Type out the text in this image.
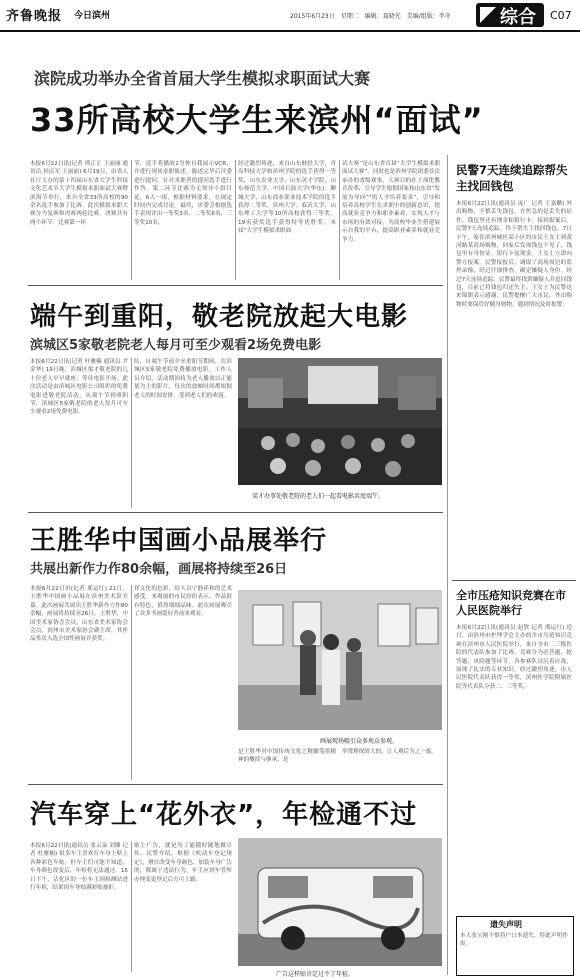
齐鲁晚报 今日滨州	2015年6月23日　星期二　编辑：聂晓光　美编/组版：李冬	综合 C07
滨院成功举办全省首届大学生模拟求职面试大赛
33所高校大学生来滨州“面试”
本报6月22日讯(记者 谭正正 王丽丽 通讯员 侯庆军 王丽丽) 6月19日，由省人社厅主办的第十四届山东省大学生科技文化艺术节大学生模拟求职面试大赛暨滨海节举行，来自全省33所高校的90余名选手参加了比赛。此次模拟求职大赛分为复赛和决赛两轮比赛，决赛共有两个环节：比赛第一环
节，选手将播放1分钟自我展示VCR，并进行现场求职陈述，陈述完毕后评委进行提问，针对求职者的提问选手进行作答。第二环节比赛为无领导小组讨论，6人一组，根据材料要求，在规定时间内完成讨论。最终，评委会根据选手表现评出一等奖3名、二等奖6名，三等奖10名。
经过激烈角逐，来自山东财经大学，青岛科技大学和滨州学院的选手获得一等奖，山东农业大学、山东英才学院、山东师范大学，中国石油大学(华东)、聊城大学、山东商业职业技术学院的选手获得二等奖。滨州大学、临沂大学、山东理工大学等10所高校获得三等奖。19名获奖选手获得特等优胜奖。本届“大学生模拟求职面
试大赛”是山东省首届“大学生模拟求职面试大赛”，同时也是滨州学院团委首次承办的省级赛事，大赛目的在于深化教育改革，引导学生根据国家和山东省“发展为导向”“的人才培养要求”，引导和培养高校学生在求职中的创新意识，提高就业竞争力和职业素养，实现人才与市场的有效对接，为高校毕业生搭建展示自我的平台，提高职业素养和就业竞争力。
民警7天连续追踪帮失主找回钱包
本报6月22日讯(通讯员 庞广 记者 王嘉鹏) 外出购物，不慎丢失钱包，在焦急的是丢失的证件，钱包里还有现金和银行卡。接到报案后，民警7天连续追踪，终于帮失主找回钱包。7日下午，家住滨州城区某小区的市民王女士到黄河路某商场购物，回家后发现钱包不见了，钱包里有身份证、银行卡及现金。王女士立即向警方报案。民警接报后，调取了商场周边的监控录像，经过仔细排查，确定嫌疑人身份。经过7天连续追踪，民警最终找到嫌疑人并追回钱包，目前已将钱包归还失主。王女士为民警送来锦旗表示感谢。民警提醒广大市民，外出购物时要保管好随身财物，遇到情况及时报警。
端午到重阳，敬老院放起大电影
滨城区5家敬老院老人每月可至少观看2场免费电影
本报6月22日讯(记者 杜雅楠 通讯员 尹金华) 19日晚，滨城区梁才敬老院的几十位老人早早就座，等待电影开场。此次活动是由滨城区电影公司组织的免费电影进敬老院活动，从端午节到重阳节，滨城区5家敬老院的老人每月可至少观看2场免费电影。
队，自端午节前夕至重阳节期间，在滨城区5家敬老院免费播放电影。工作人员介绍，活动期间将为老人播放以正能量为主的影片，每次的放映时间都根据老人的时间安排，受到老人们的欢迎。
梁才办事处敬老院的老人们一起看电影共度端午。
王胜华中国画小品展举行
共展出新作力作80余幅，画展将持续至26日
本报6月22日讯(记者 邢运红) 21日，王胜华中国画小品展在滨州美术馆开幕。此次画展共展出王胜华新作力作80余幅，画展将持续至26日。王胜华，中国美术家协会会员，山东省美术家协会会员，滨州市美术家协会副主席。其作品多次入选全国性画展并获奖。
祥文化的色彩，给人以宁静祥和的艺术感受。来观展的市民纷纷表示，作品很有特色，值得细细品味。此次画展吸引了众多书画爱好者前来观看。
画展现场吸引众多观众参观。
是王胜华对中国传统文化之精髓笔墨精神的概括与继承，是
举常释探情大的，让人观后为之一振。
全市压疮知识竞赛在市人民医院举行
本报6月22日讯(通讯员 赵欣 记者 邢运红) 近日，由滨州市护理学会主办的全市压疮知识竞赛在滨州市人民医院举行，来自全市二三级医院的代表队参加了比赛。竞赛分为必答题、抢答题、风险题等环节，各参赛队员沉着应战，展现了扎实的专业知识。经过激烈角逐，市人民医院代表队获得一等奖，滨州医学院附属医院等代表队分获二、三等奖。
遗失声明
本人张宝刚不慎将户口本遗失，特此声明作废。
汽车穿上“花外衣”，年检通不过
本报6月22日讯(通讯员 张云朵 刘娜 记者 杜雅楠) 很多车主喜欢在车身上贴上各种彩色车贴，但车主们可能不知道，车身颜色改变后，年检将无法通过。15日下午，沾化区的一位车主到检测站进行年检，结果因车身贴满彩贴被拒。
贴上广告，就是为了能随时随地做宣传。民警介绍，根据《机动车登记规定》，擅自改变车身颜色、加装车身广告的，都属于违法行为。车主应到车管所办理变更登记后方可上路。
广告这样贴肯定过不了年检。
